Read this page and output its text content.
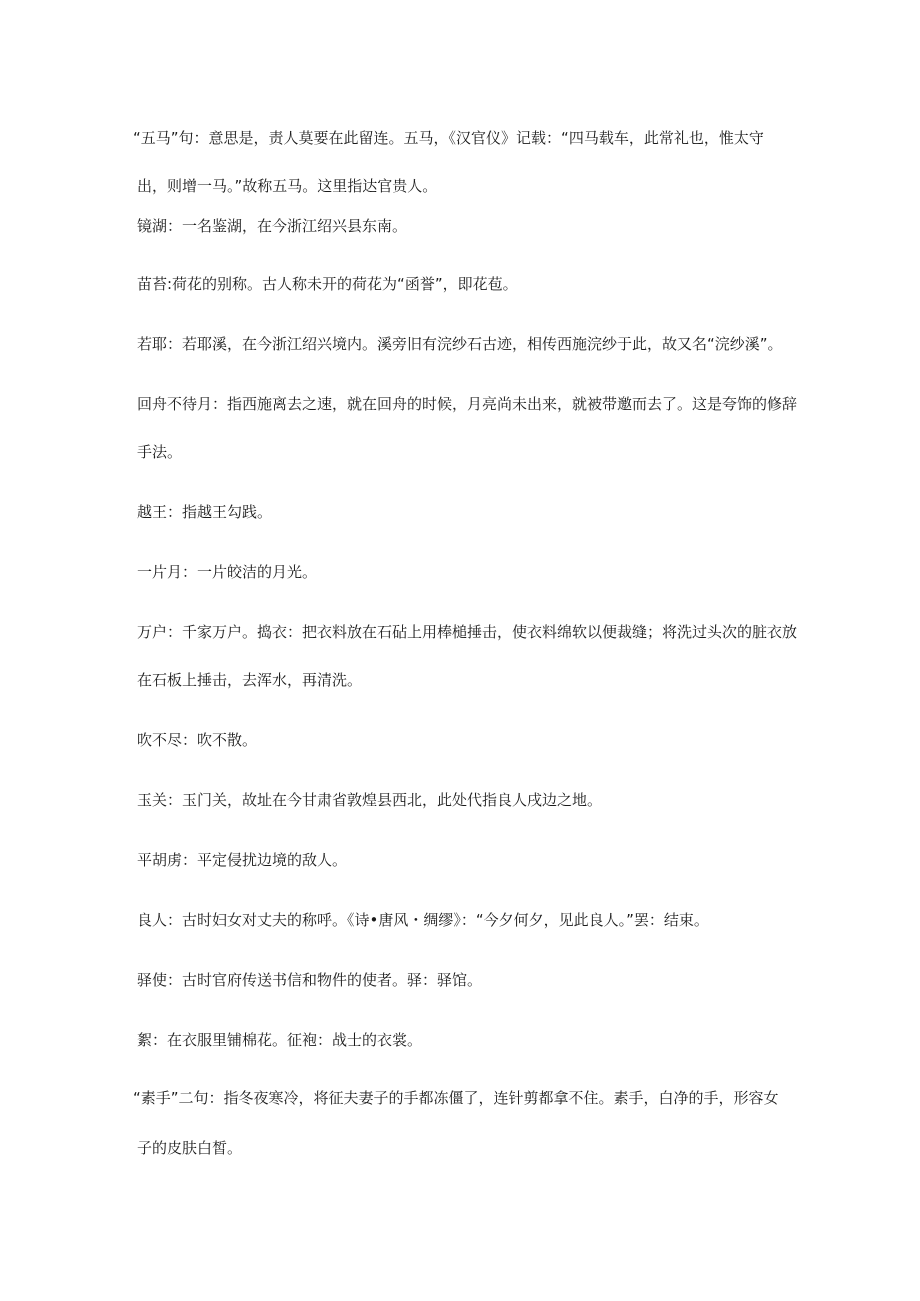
“五马”句：意思是，责人莫要在此留连。五马，《汉官仪》记载：“四马载车，此常礼也，惟太守
出，则增一马。”故称五马。这里指达官贵人。
镜湖：一名鉴湖，在今浙江绍兴县东南。
苗苔:荷花的别称。古人称未开的荷花为“函誉”，即花苞。
若耶：若耶溪，在今浙江绍兴境内。溪旁旧有浣纱石古迹，相传西施浣纱于此，故又名“浣纱溪”。
回舟不待月：指西施离去之速，就在回舟的时候，月亮尚未出来，就被带邀而去了。这是夸饰的修辞
手法。
越王：指越王勾践。
一片月：一片皎洁的月光。
万户：千家万户。捣衣：把衣料放在石砧上用棒槌捶击，使衣料绵软以便裁缝；将洗过头次的脏衣放
在石板上捶击，去浑水，再清洗。
吹不尽：吹不散。
玉关：玉门关，故址在今甘肃省敦煌县西北，此处代指良人戌边之地。
平胡虏：平定侵扰边境的敌人。
良人：古时妇女对丈夫的称呼。《诗•唐风・绸缪》：“今夕何夕，见此良人。”罢：结束。
驿使：古时官府传送书信和物件的使者。驿：驿馆。
絮：在衣服里铺棉花。征袍：战士的衣裳。
“素手”二句：指冬夜寒冷，将征夫妻子的手都冻僵了，连针剪都拿不住。素手，白净的手，形容女
子的皮肤白皙。
